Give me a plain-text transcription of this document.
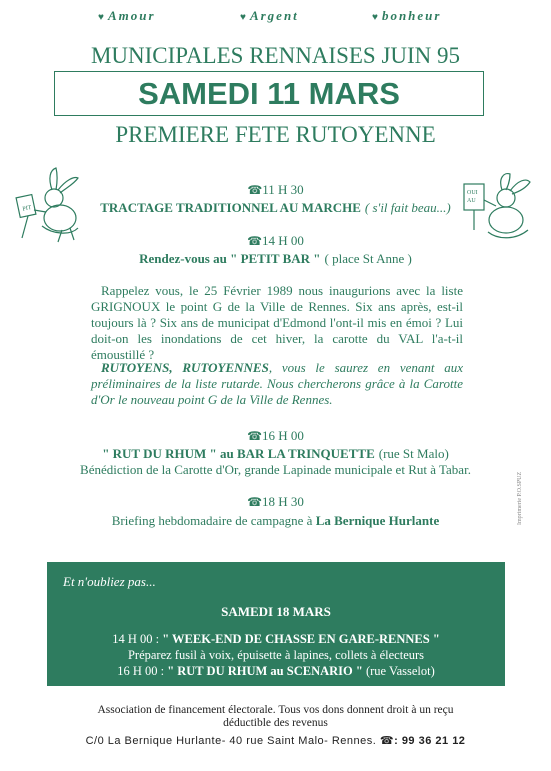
♥ Amour	♥ Argent	♥ bonheur
MUNICIPALES RENNAISES JUIN 95
SAMEDI 11 MARS
PREMIERE FETE RUTOYENNE
PIT
OUI
AU
☎11 H 30
TRACTAGE TRADITIONNEL AU MARCHE ( s'il fait beau...)
☎14 H 00
Rendez-vous au " PETIT BAR " ( place St Anne )
Rappelez vous, le 25 Février 1989 nous inaugurions avec la liste GRIGNOUX le point G de la Ville de Rennes. Six ans après, est-il toujours là ? Six ans de municipat d'Edmond l'ont-il mis en émoi ? Lui doit-on les inondations de cet hiver, la carotte du VAL l'a-t-il émoustillé ?
RUTOYENS, RUTOYENNES, vous le saurez en venant aux préliminaires de la liste rutarde. Nous chercherons grâce à la Carotte d'Or le nouveau point G de la Ville de Rennes.
☎16 H 00
" RUT DU RHUM " au BAR LA TRINQUETTE (rue St Malo)
Bénédiction de la Carotte d'Or, grande Lapinade municipale et Rut à Tabar.
☎18 H 30
Briefing hebdomadaire de campagne à La Bernique Hurlante	Imprimerie P.O.SPUZ
Et n'oubliez pas...
SAMEDI 18 MARS
14 H 00 : " WEEK-END DE CHASSE EN GARE-RENNES "
Préparez fusil à voix, épuisette à lapines, collets à électeurs
16 H 00 : " RUT DU RHUM au SCENARIO " (rue Vasselot)
Association de financement électorale. Tous vos dons donnent droit à un reçu
déductible des revenus
C/0 La Bernique Hurlante- 40 rue Saint Malo- Rennes. ☎: 99 36 21 12
